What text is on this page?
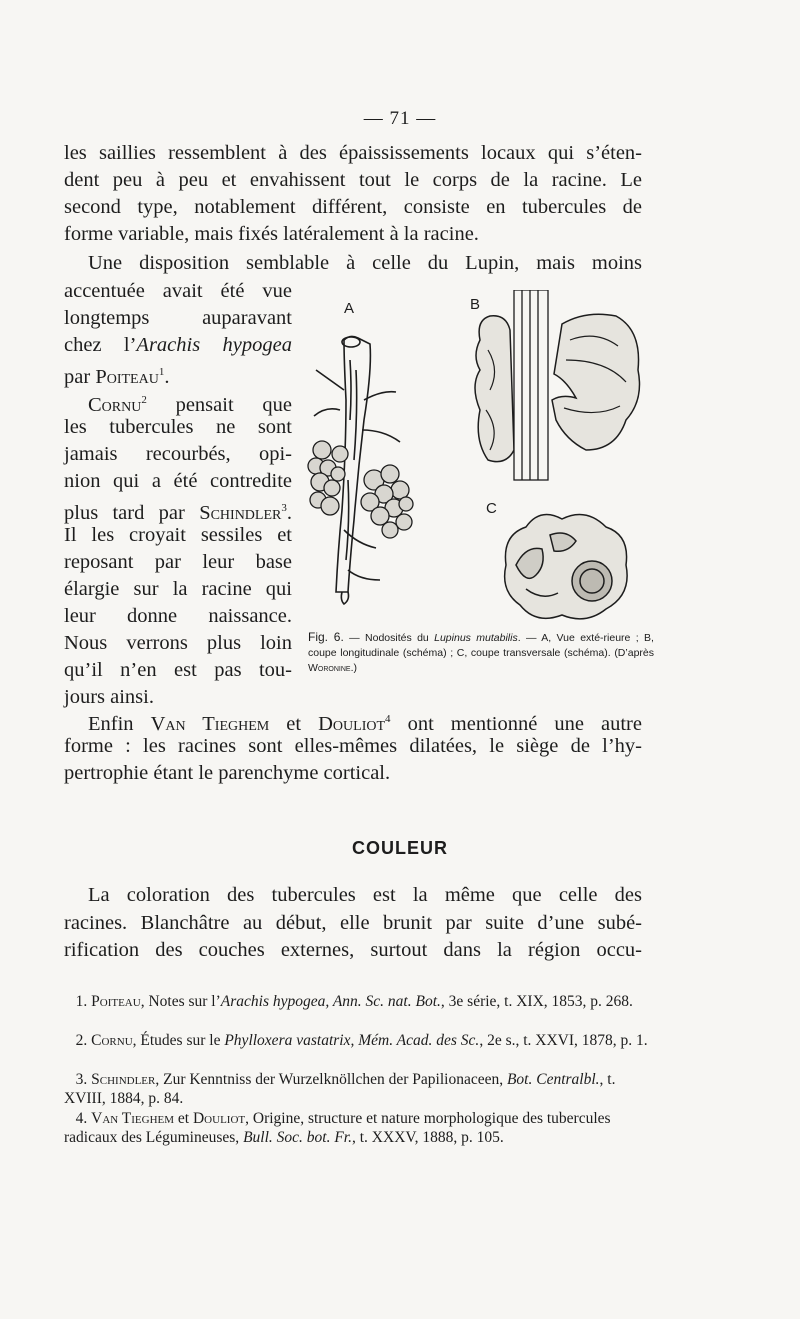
— 71 —
les saillies ressemblent à des épaississements locaux qui s’éten-
dent peu à peu et envahissent tout le corps de la racine. Le
second type, notablement différent, consiste en tubercules de
forme variable, mais fixés latéralement à la racine.
Une disposition semblable à celle du Lupin, mais moins
accentuée avait été vue
longtemps auparavant
chez l’Arachis hypogea
par Poiteau$^1$.
Cornu$^2$ pensait que
les tubercules ne sont
jamais recourbés, opi-
nion qui a été contredite
plus tard par Schindler$^3$.
Il les croyait sessiles et
reposant par leur base
élargie sur la racine qui
leur donne naissance.
Nous verrons plus loin
qu’il n’en est pas tou-
jours ainsi.
A	B
C
Fig. 6. — Nodosités du Lupinus mutabilis. — A, Vue exté-rieure ; B, coupe longitudinale (schéma) ; C, coupe transversale (schéma). (D’après Woronine.)
Enfin Van Tieghem et Douliot$^4$ ont mentionné une autre
forme : les racines sont elles-mêmes dilatées, le siège de l’hy-
pertrophie étant le parenchyme cortical.
COULEUR
La coloration des tubercules est la même que celle des
racines. Blanchâtre au début, elle brunit par suite d’une subé-
rification des couches externes, surtout dans la région occu-
1. Poiteau, Notes sur l’Arachis hypogea, Ann. Sc. nat. Bot., 3e série, t. XIX, 1853, p. 268.
2. Cornu, Études sur le Phylloxera vastatrix, Mém. Acad. des Sc., 2e s., t. XXVI, 1878, p. 1.
3. Schindler, Zur Kenntniss der Wurzelknöllchen der Papilionaceen, Bot. Centralbl., t. XVIII, 1884, p. 84.
4. Van Tieghem et Douliot, Origine, structure et nature morphologique des tubercules radicaux des Légumineuses, Bull. Soc. bot. Fr., t. XXXV, 1888, p. 105.
